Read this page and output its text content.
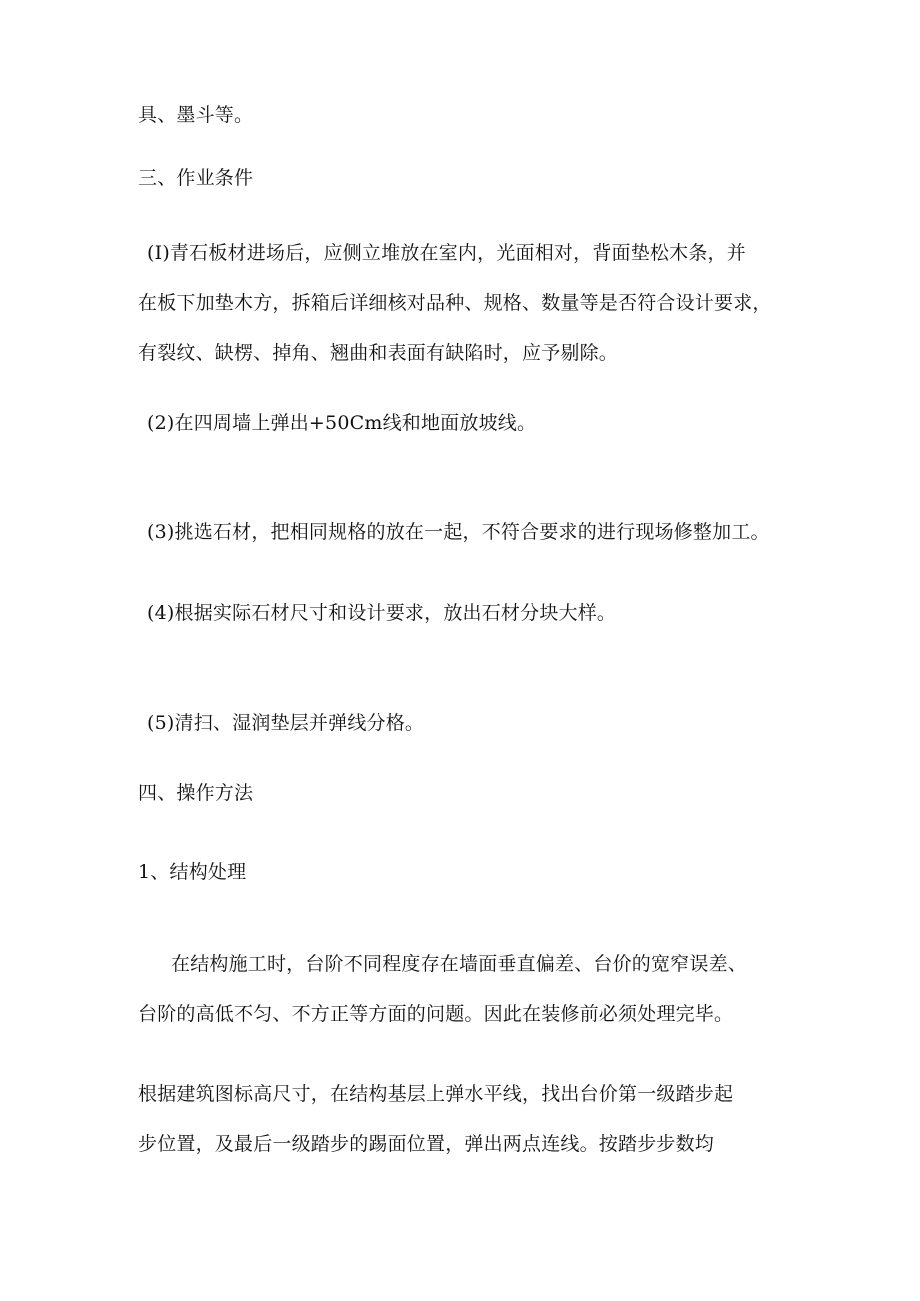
具、墨斗等。
三、作业条件
(I)青石板材进场后，应侧立堆放在室内，光面相对，背面垫松木条，并
在板下加垫木方，拆箱后详细核对品种、规格、数量等是否符合设计要求，
有裂纹、缺楞、掉角、翘曲和表面有缺陷时，应予剔除。
(2)在四周墙上弹出+50Cm线和地面放坡线。
(3)挑选石材，把相同规格的放在一起，不符合要求的进行现场修整加工。
(4)根据实际石材尺寸和设计要求，放出石材分块大样。
(5)清扫、湿润垫层并弹线分格。
四、操作方法
1、结构处理
在结构施工时，台阶不同程度存在墙面垂直偏差、台价的宽窄误差、
台阶的高低不匀、不方正等方面的问题。因此在装修前必须处理完毕。
根据建筑图标高尺寸，在结构基层上弹水平线，找出台价第一级踏步起
步位置，及最后一级踏步的踢面位置，弹出两点连线。按踏步步数均
